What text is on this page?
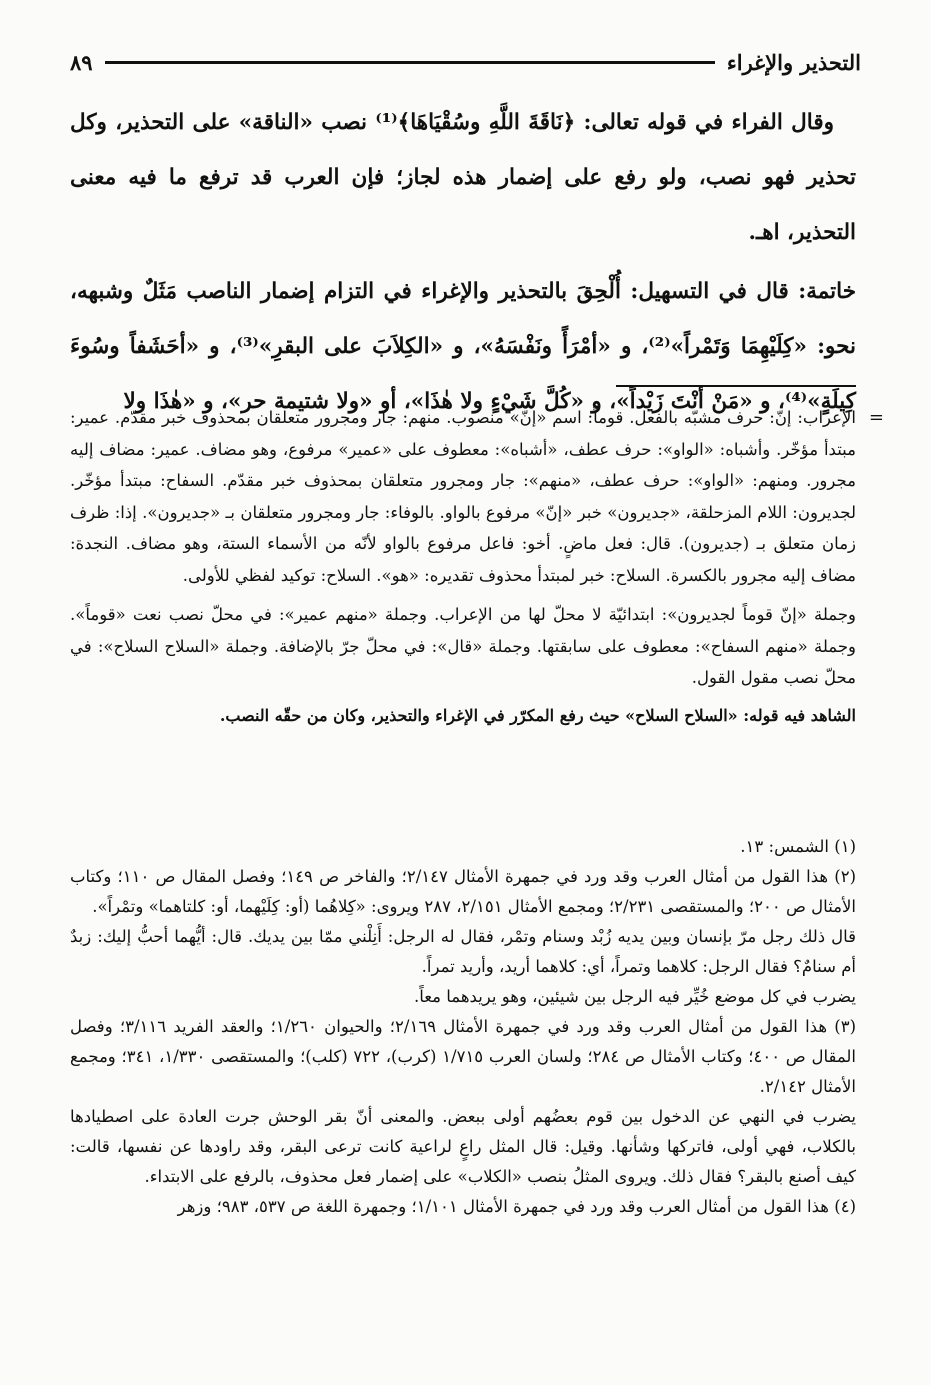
التحذير والإغراء
٨٩

وقال الفراء في قوله تعالى: ﴿نَاقَةَ اللَّهِ وسُقْيَاهَا﴾⁽¹⁾ نصب «الناقة» على التحذير، وكل تحذير فهو نصب، ولو رفع على إضمار هذه لجاز؛ فإن العرب قد ترفع ما فيه معنى التحذير، اهـ.

خاتمة: قال في التسهيل: أُلْحِقَ بالتحذير والإغراء في التزام إضمار الناصب مَثَلٌ وشبهه، نحو: «كِلَيْهِمَا وَتَمْراً»⁽²⁾، و «أمْرَأً ونَفْسَهُ»، و «الكِلاَبَ على البقرِ»⁽³⁾، و «أحَشَفاً وسُوءَ كِيلَةٍ»⁽⁴⁾، و «مَنْ أنْتَ زَيْداً»، و «كُلَّ شَيْءٍ ولا هٰذَا»، أو «ولا شتيمة حر»، و «هٰذَا ولا

=

الإعراب: إنّ: حرف مشبّه بالفعل. قوماً: اسم «إنّ» منصوب. منهم: جار ومجرور متعلقان بمحذوف خبر مقدّم. عمير: مبتدأ مؤخّر. وأشباه: «الواو»: حرف عطف، «أشباه»: معطوف على «عمير» مرفوع، وهو مضاف. عمير: مضاف إليه مجرور. ومنهم: «الواو»: حرف عطف، «منهم»: جار ومجرور متعلقان بمحذوف خبر مقدّم. السفاح: مبتدأ مؤخّر. لجديرون: اللام المزحلقة، «جديرون» خبر «إنّ» مرفوع بالواو. بالوفاء: جار ومجرور متعلقان بـ «جديرون». إذا: ظرف زمان متعلق بـ (جديرون). قال: فعل ماضٍ. أخو: فاعل مرفوع بالواو لأنّه من الأسماء الستة، وهو مضاف. النجدة: مضاف إليه مجرور بالكسرة. السلاح: خبر لمبتدأ محذوف تقديره: «هو». السلاح: توكيد لفظي للأولى.

وجملة «إنّ قوماً لجديرون»: ابتدائيّة لا محلّ لها من الإعراب. وجملة «منهم عمير»: في محلّ نصب نعت «قوماً». وجملة «منهم السفاح»: معطوف على سابقتها. وجملة «قال»: في محلّ جرّ بالإضافة. وجملة «السلاح السلاح»: في محلّ نصب مقول القول.

الشاهد فيه قوله: «السلاح السلاح» حيث رفع المكرّر في الإغراء والتحذير، وكان من حقّه النصب.

(١) الشمس: ١٣.

(٢) هذا القول من أمثال العرب وقد ورد في جمهرة الأمثال ٢/١٤٧؛ والفاخر ص ١٤٩؛ وفصل المقال ص ١١٠؛ وكتاب الأمثال ص ٢٠٠؛ والمستقصى ٢/٢٣١؛ ومجمع الأمثال ٢/١٥١، ٢٨٧ ويروى: «كِلاهُما (أو: كِلَيْهما، أو: كلتاهما» وتمْراً».

قال ذلك رجل مرّ بإنسان وبين يديه زُبْد وسنام وتمْر، فقال له الرجل: أَنِلْني ممّا بين يديك. قال: أيُّهما أحبُّ إليك: زبدٌ أم سنامٌ؟ فقال الرجل: كلاهما وتمراً، أي: كلاهما أريد، وأريد تمراً.

يضرب في كل موضع خُيِّر فيه الرجل بين شيئين، وهو يريدهما معاً.

(٣) هذا القول من أمثال العرب وقد ورد في جمهرة الأمثال ٢/١٦٩؛ والحيوان ١/٢٦٠؛ والعقد الفريد ٣/١١٦؛ وفصل المقال ص ٤٠٠؛ وكتاب الأمثال ص ٢٨٤؛ ولسان العرب ١/٧١٥ (كرب)، ٧٢٢ (كلب)؛ والمستقصى ١/٣٣٠، ٣٤١؛ ومجمع الأمثال ٢/١٤٢.

يضرب في النهي عن الدخول بين قوم بعضُهم أولى ببعض. والمعنى أنّ بقر الوحش جرت العادة على اصطيادها بالكلاب، فهي أولى، فاتركها وشأنها. وقيل: قال المثل راعٍ لراعية كانت ترعى البقر، وقد راودها عن نفسها، قالت: كيف أصنع بالبقر؟ فقال ذلك. ويروى المثلُ بنصب «الكلاب» على إضمار فعل محذوف، بالرفع على الابتداء.

(٤) هذا القول من أمثال العرب وقد ورد في جمهرة الأمثال ١/١٠١؛ وجمهرة اللغة ص ٥٣٧، ٩٨٣؛ وزهر
